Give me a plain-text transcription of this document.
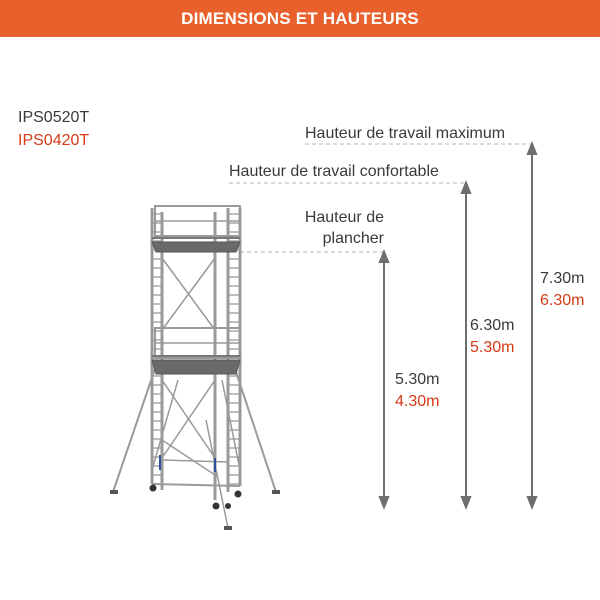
DIMENSIONS ET HAUTEURS
IPS0520T
IPS0420T	Hauteur de travail maximum
Hauteur de travail confortable
Hauteur de plancher
5.30m
4.30m
6.30m
5.30m
7.30m
6.30m
